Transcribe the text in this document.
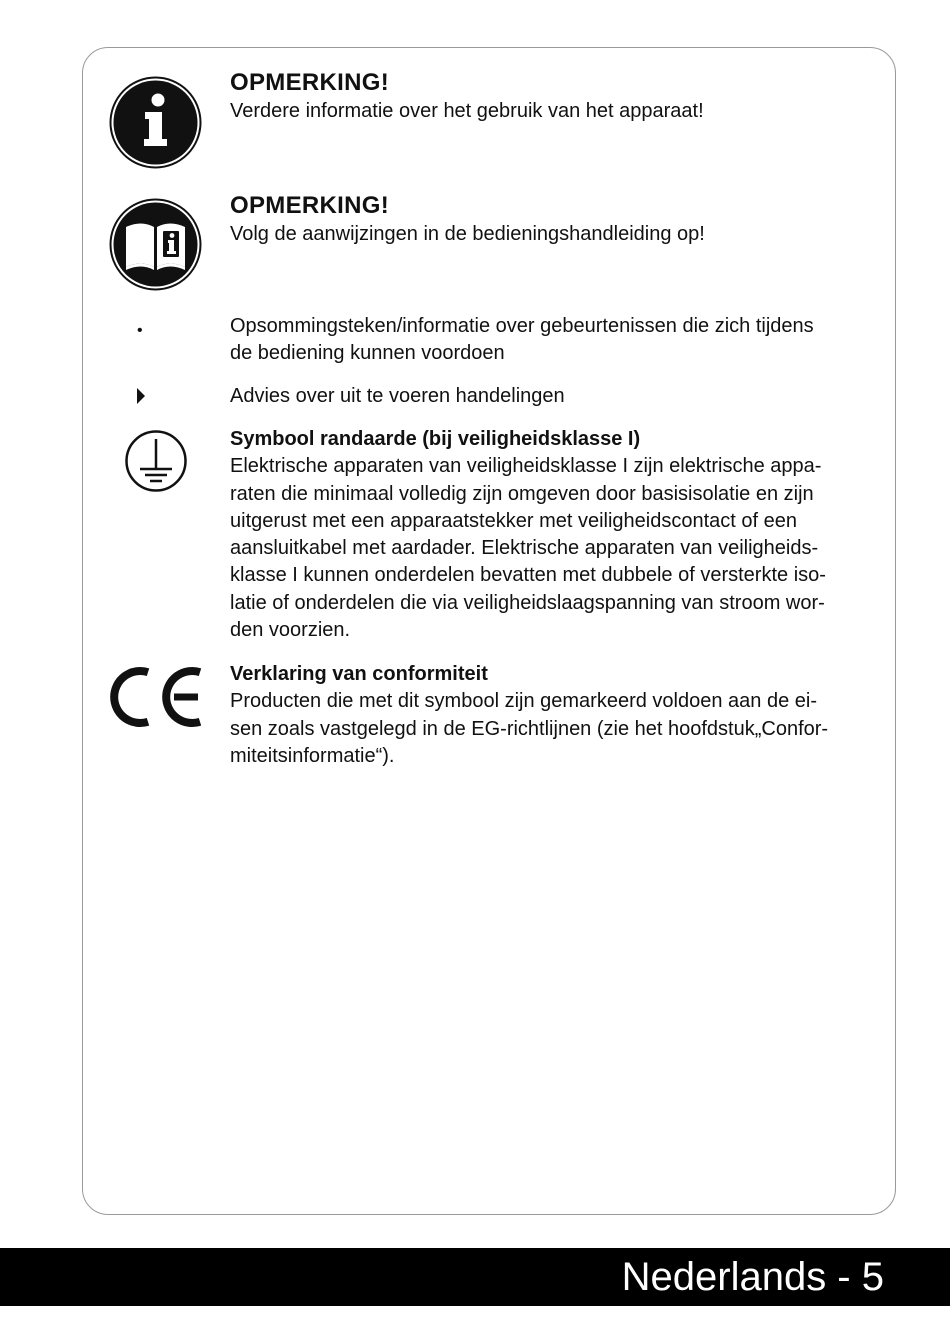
OPMERKING!
Verdere informatie over het gebruik van het apparaat!
OPMERKING!
Volg de aanwijzingen in de bedieningshandleiding op!
•	Opsommingsteken/informatie over gebeurtenissen die zich tijdens
de bediening kunnen voordoen
Advies over uit te voeren handelingen
Symbool randaarde (bij veiligheidsklasse I)
Elektrische apparaten van veiligheidsklasse I zijn elektrische appa-
raten die minimaal volledig zijn omgeven door basisisolatie en zijn
uitgerust met een apparaatstekker met veiligheidscontact of een
aansluitkabel met aardader. Elektrische apparaten van veiligheids-
klasse I kunnen onderdelen bevatten met dubbele of versterkte iso-
latie of onderdelen die via veiligheidslaagspanning van stroom wor-
den voorzien.
Verklaring van conformiteit
Producten die met dit symbool zijn gemarkeerd voldoen aan de ei-
sen zoals vastgelegd in de EG-richtlijnen (zie het hoofdstuk„Confor-
miteitsinformatie“).
Nederlands - 5
